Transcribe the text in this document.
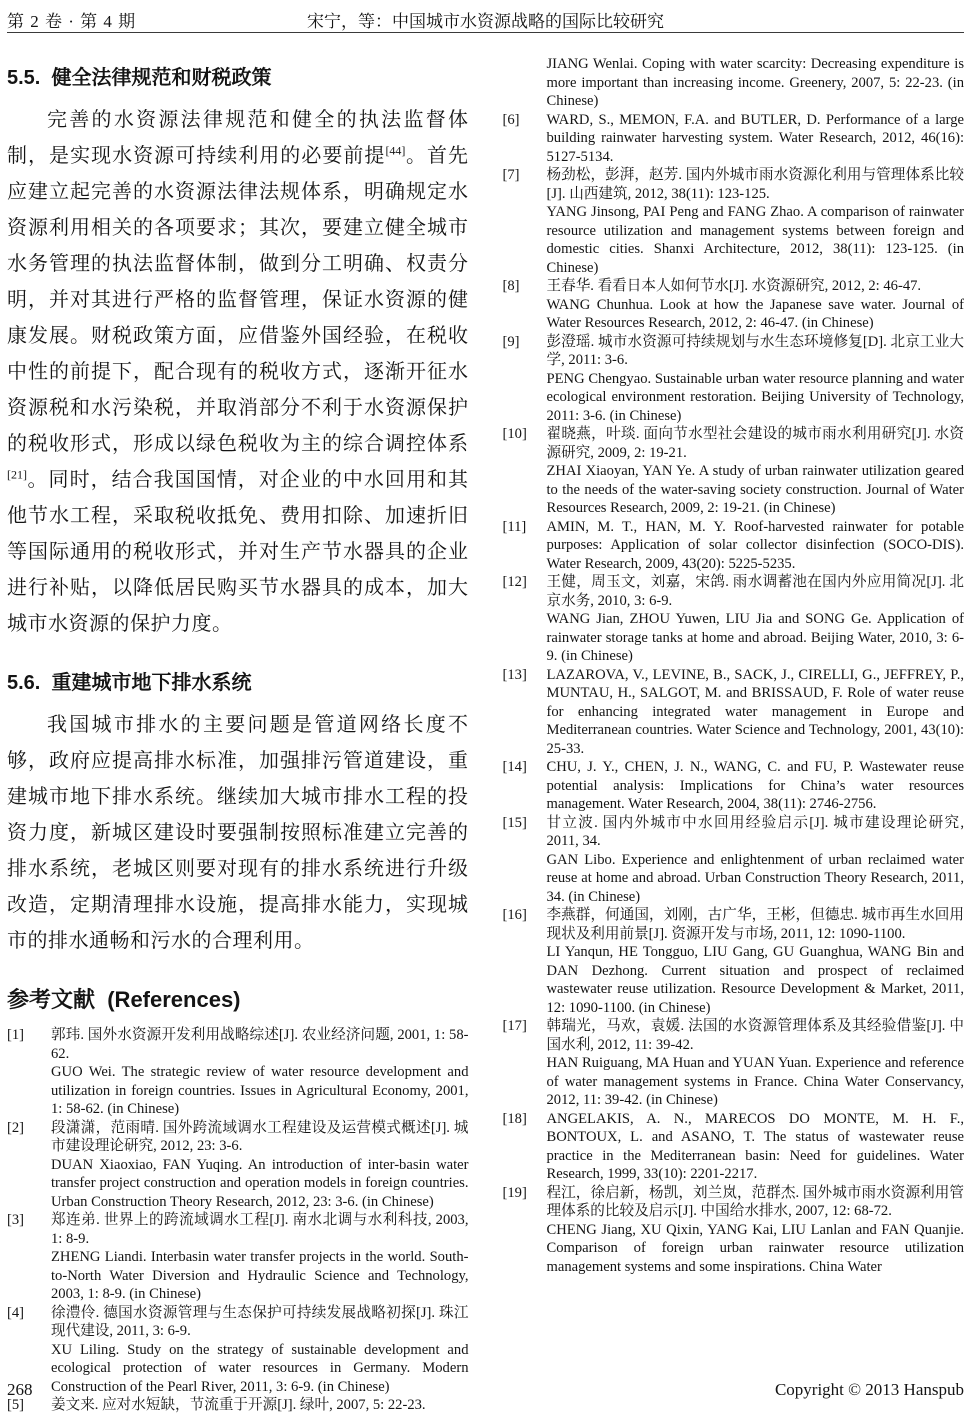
第 2 卷 · 第 4 期	宋宁，等：中国城市水资源战略的国际比较研究
5.5.  健全法律规范和财税政策

完善的水资源法律规范和健全的执法监督体制，是实现水资源可持续利用的必要前提[44]。首先应建立起完善的水资源法律法规体系，明确规定水资源利用相关的各项要求；其次，要建立健全城市水务管理的执法监督体制，做到分工明确、权责分明，并对其进行严格的监督管理，保证水资源的健康发展。财税政策方面，应借鉴外国经验，在税收中性的前提下，配合现有的税收方式，逐渐开征水资源税和水污染税，并取消部分不利于水资源保护的税收形式，形成以绿色税收为主的综合调控体系[21]。同时，结合我国国情，对企业的中水回用和其他节水工程，采取税收抵免、费用扣除、加速折旧等国际通用的税收形式，并对生产节水器具的企业进行补贴，以降低居民购买节水器具的成本，加大城市水资源的保护力度。

5.6.  重建城市地下排水系统

我国城市排水的主要问题是管道网络长度不够，政府应提高排水标准，加强排污管道建设，重建城市地下排水系统。继续加大城市排水工程的投资力度，新城区建设时要强制按照标准建立完善的排水系统，老城区则要对现有的排水系统进行升级改造，定期清理排水设施，提高排水能力，实现城市的排水通畅和污水的合理利用。

参考文献  (References)
[1]	郭玮. 国外水资源开发利用战略综述[J]. 农业经济问题, 2001, 1: 58-62.

GUO Wei. The strategic review of water resource development and utilization in foreign countries. Issues in Agricultural Economy, 2001, 1: 58-62. (in Chinese)

[2]	段潇潇，范雨晴. 国外跨流域调水工程建设及运营模式概述[J]. 城市建设理论研究, 2012, 23: 3-6.

DUAN Xiaoxiao, FAN Yuqing. An introduction of inter-basin water transfer project construction and operation models in foreign countries. Urban Construction Theory Research, 2012, 23: 3-6. (in Chinese)

[3]	郑连弟. 世界上的跨流域调水工程[J]. 南水北调与水利科技, 2003, 1: 8-9.

ZHENG Liandi. Interbasin water transfer projects in the world. South-to-North Water Diversion and Hydraulic Science and Technology, 2003, 1: 8-9. (in Chinese)

[4]	徐澧伶. 德国水资源管理与生态保护可持续发展战略初探[J]. 珠江现代建设, 2011, 3: 6-9.

XU Liling. Study on the strategy of sustainable development and ecological protection of water resources in Germany. Modern Construction of the Pearl River, 2011, 3: 6-9. (in Chinese)

[5]	姜文来. 应对水短缺，节流重于开源[J]. 绿叶, 2007, 5: 22-23.

JIANG Wenlai. Coping with water scarcity: Decreasing expenditure is more important than increasing income. Greenery, 2007, 5: 22-23. (in Chinese)

[6]	WARD, S., MEMON, F.A. and BUTLER, D. Performance of a large building rainwater harvesting system. Water Research, 2012, 46(16): 5127-5134.

[7]	杨劲松，彭湃，赵芳. 国内外城市雨水资源化利用与管理体系比较[J]. 山西建筑, 2012, 38(11): 123-125.

YANG Jinsong, PAI Peng and FANG Zhao. A comparison of rainwater resource utilization and management systems between foreign and domestic cities. Shanxi Architecture, 2012, 38(11): 123-125. (in Chinese)

[8]	王春华. 看看日本人如何节水[J]. 水资源研究, 2012, 2: 46-47.

WANG Chunhua. Look at how the Japanese save water. Journal of Water Resources Research, 2012, 2: 46-47. (in Chinese)

[9]	彭澄瑶. 城市水资源可持续规划与水生态环境修复[D]. 北京工业大学, 2011: 3-6.

PENG Chengyao. Sustainable urban water resource planning and water ecological environment restoration. Beijing University of Technology, 2011: 3-6. (in Chinese)

[10]	翟晓燕，叶琰. 面向节水型社会建设的城市雨水利用研究[J]. 水资源研究, 2009, 2: 19-21.

ZHAI Xiaoyan, YAN Ye. A study of urban rainwater utilization geared to the needs of the water-saving society construction. Journal of Water Resources Research, 2009, 2: 19-21. (in Chinese)

[11]	AMIN, M. T., HAN, M. Y. Roof-harvested rainwater for potable purposes: Application of solar collector disinfection (SOCO-DIS). Water Research, 2009, 43(20): 5225-5235.

[12]	王健，周玉文，刘嘉，宋鸽. 雨水调蓄池在国内外应用简况[J]. 北京水务, 2010, 3: 6-9.

WANG Jian, ZHOU Yuwen, LIU Jia and SONG Ge. Application of rainwater storage tanks at home and abroad. Beijing Water, 2010, 3: 6-9. (in Chinese)

[13]	LAZAROVA, V., LEVINE, B., SACK, J., CIRELLI, G., JEFFREY, P., MUNTAU, H., SALGOT, M. and BRISSAUD, F. Role of water reuse for enhancing integrated water management in Europe and Mediterranean countries. Water Science and Technology, 2001, 43(10): 25-33.

[14]	CHU, J. Y., CHEN, J. N., WANG, C. and FU, P. Wastewater reuse potential analysis: Implications for China’s water resources management. Water Research, 2004, 38(11): 2746-2756.

[15]	甘立波. 国内外城市中水回用经验启示[J]. 城市建设理论研究, 2011, 34.

GAN Libo. Experience and enlightenment of urban reclaimed water reuse at home and abroad. Urban Construction Theory Research, 2011, 34. (in Chinese)

[16]	李燕群，何通国，刘刚，古广华，王彬，但德忠. 城市再生水回用现状及利用前景[J]. 资源开发与市场, 2011, 12: 1090-1100.

LI Yanqun, HE Tongguo, LIU Gang, GU Guanghua, WANG Bin and DAN Dezhong. Current situation and prospect of reclaimed wastewater reuse utilization. Resource Development & Market, 2011, 12: 1090-1100. (in Chinese)

[17]	韩瑞光，马欢，袁媛. 法国的水资源管理体系及其经验借鉴[J]. 中国水利, 2012, 11: 39-42.

HAN Ruiguang, MA Huan and YUAN Yuan. Experience and reference of water management systems in France. China Water Conservancy, 2012, 11: 39-42. (in Chinese)

[18]	ANGELAKIS, A. N., MARECOS DO MONTE, M. H. F., BONTOUX, L. and ASANO, T. The status of wastewater reuse practice in the Mediterranean basin: Need for guidelines. Water Research, 1999, 33(10): 2201-2217.

[19]	程江，徐启新，杨凯，刘兰岚，范群杰. 国外城市雨水资源利用管理体系的比较及启示[J]. 中国给水排水, 2007, 12: 68-72.

CHENG Jiang, XU Qixin, YANG Kai, LIU Lanlan and FAN Quanjie. Comparison of foreign urban rainwater resource utilization management systems and some inspirations. China Water

268	Copyright © 2013 Hanspub
